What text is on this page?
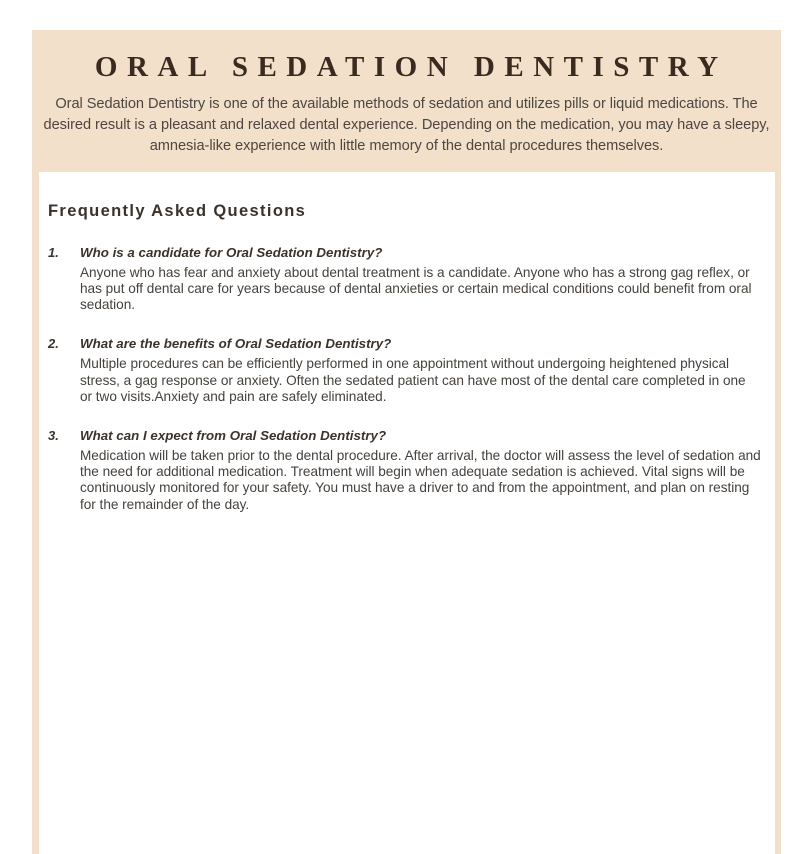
ORAL SEDATION DENTISTRY

Oral Sedation Dentistry is one of the available methods of sedation and utilizes pills or liquid medications. The desired result is a pleasant and relaxed dental experience. Depending on the medication, you may have a sleepy, amnesia-like experience with little memory of the dental procedures themselves.

Frequently Asked Questions
1.	Who is a candidate for Oral Sedation Dentistry?

Anyone who has fear and anxiety about dental treatment is a candidate. Anyone who has a strong gag reflex, or has put off dental care for years because of dental anxieties or certain medical conditions could benefit from oral sedation.

2.	What are the benefits of Oral Sedation Dentistry?

Multiple procedures can be efficiently performed in one appointment without undergoing heightened physical stress, a gag response or anxiety. Often the sedated patient can have most of the dental care completed in one or two visits.Anxiety and pain are safely eliminated.

3.	What can I expect from Oral Sedation Dentistry?

Medication will be taken prior to the dental procedure. After arrival, the doctor will assess the level of sedation and the need for additional medication. Treatment will begin when adequate sedation is achieved. Vital signs will be continuously monitored for your safety. You must have a driver to and from the appointment, and plan on resting for the remainder of the day.
